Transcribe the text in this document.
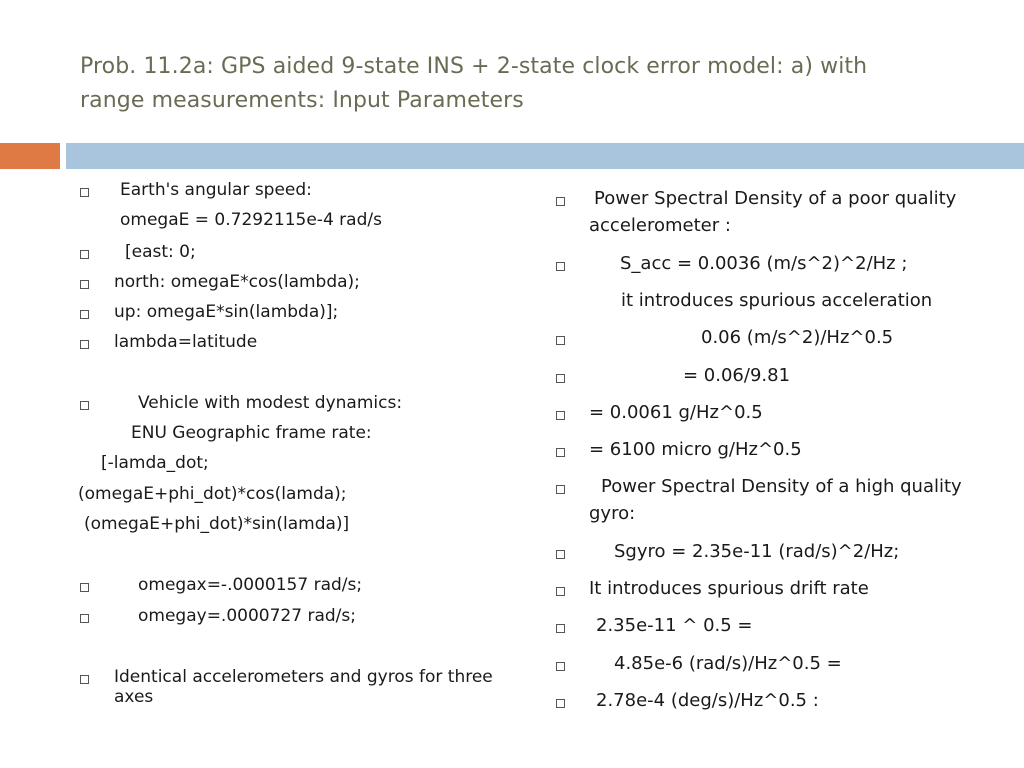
Prob. 11.2a: GPS aided 9-state INS + 2-state clock error model: a) with
range measurements: Input Parameters
Earth's angular speed:
omegaE = 0.7292115e-4 rad/s
[east: 0;
north: omegaE*cos(lambda);
up: omegaE*sin(lambda)];
lambda=latitude
Vehicle with modest dynamics:
ENU Geographic frame rate:
[-lamda_dot;
(omegaE+phi_dot)*cos(lamda);
(omegaE+phi_dot)*sin(lamda)]
omegax=-.0000157 rad/s;
omegay=.0000727 rad/s;
Identical accelerometers and gyros for three
axes
Power Spectral Density of a poor quality
accelerometer :
S_acc = 0.0036 (m/s^2)^2/Hz ;
it introduces spurious acceleration
0.06 (m/s^2)/Hz^0.5
= 0.06/9.81
= 0.0061 g/Hz^0.5
= 6100 micro g/Hz^0.5
Power Spectral Density of a high quality
gyro:
Sgyro = 2.35e-11 (rad/s)^2/Hz;
It introduces spurious drift rate
2.35e-11 ^ 0.5 =
4.85e-6 (rad/s)/Hz^0.5 =
2.78e-4 (deg/s)/Hz^0.5 :
